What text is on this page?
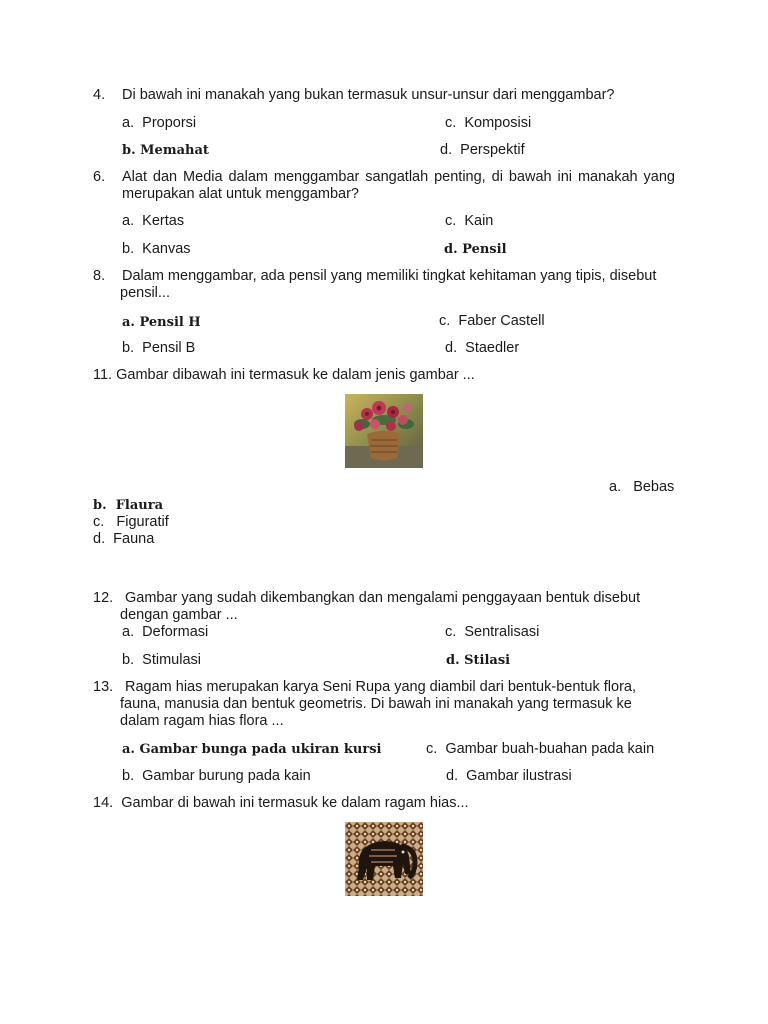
4. Di bawah ini manakah yang bukan termasuk unsur-unsur dari menggambar?
a. Proporsi	c. Komposisi
b. Memahat	d. Perspektif
6. Alat dan Media dalam menggambar sangatlah penting, di bawah ini manakah yang merupakan alat untuk menggambar?
a. Kertas	c. Kain
b. Kanvas	d. Pensil
8. Dalam menggambar, ada pensil yang memiliki tingkat kehitaman yang tipis, disebut
pensil...
a. Pensil H	c. Faber Castell
b. Pensil B	d. Staedler
11. Gambar dibawah ini termasuk ke dalam jenis gambar ...
a. Bebas
b. Flaura
c. Figuratif
d. Fauna
12. Gambar yang sudah dikembangkan dan mengalami penggayaan bentuk disebut
dengan gambar ...
a. Deformasi	c. Sentralisasi
b. Stimulasi	d. Stilasi
13. Ragam hias merupakan karya Seni Rupa yang diambil dari bentuk-bentuk flora,
fauna, manusia dan bentuk geometris. Di bawah ini manakah yang termasuk ke
dalam ragam hias flora ...
a. Gambar bunga pada ukiran kursi	c. Gambar buah-buahan pada kain
b. Gambar burung pada kain	d. Gambar ilustrasi
14. Gambar di bawah ini termasuk ke dalam ragam hias...
